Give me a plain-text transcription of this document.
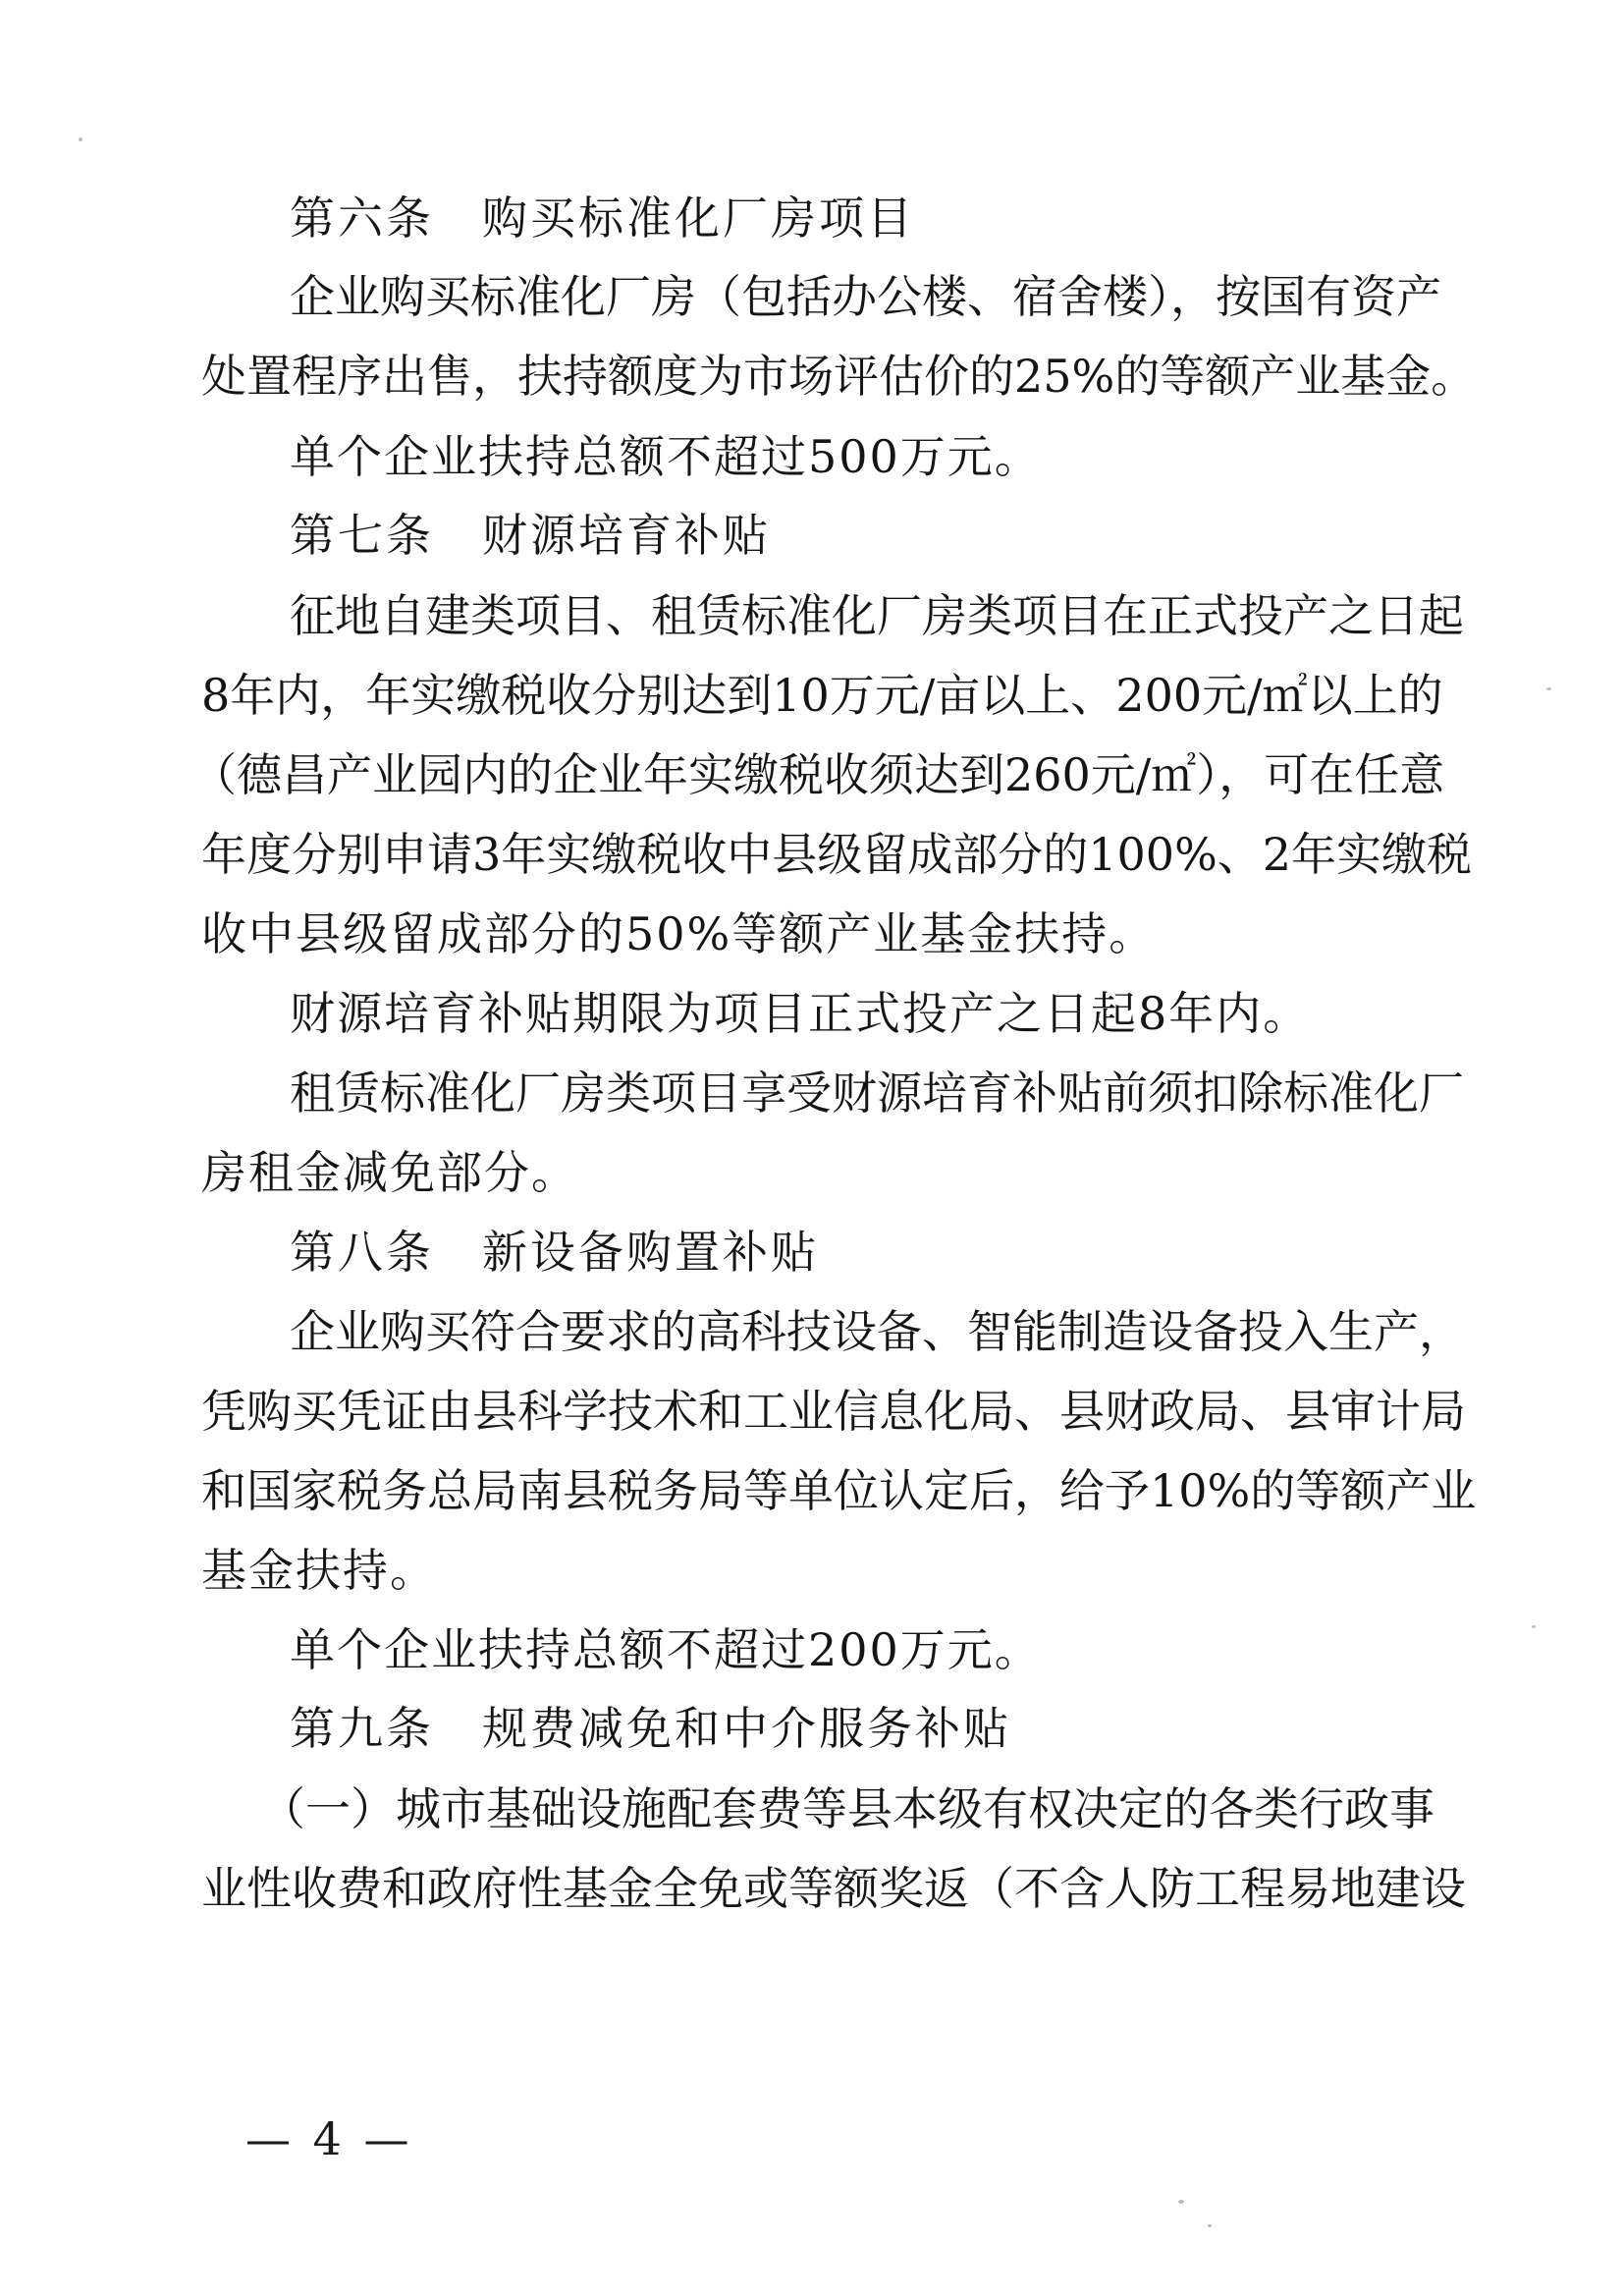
第六条　购买标准化厂房项目
企业购买标准化厂房（包括办公楼、宿舍楼），按国有资产
处置程序出售，扶持额度为市场评估价的25%的等额产业基金。
单个企业扶持总额不超过500万元。
第七条　财源培育补贴
征地自建类项目、租赁标准化厂房类项目在正式投产之日起
8年内，年实缴税收分别达到10万元/亩以上、200元/㎡以上的
（德昌产业园内的企业年实缴税收须达到260元/㎡），可在任意
年度分别申请3年实缴税收中县级留成部分的100%、2年实缴税
收中县级留成部分的50%等额产业基金扶持。
财源培育补贴期限为项目正式投产之日起8年内。
租赁标准化厂房类项目享受财源培育补贴前须扣除标准化厂
房租金减免部分。
第八条　新设备购置补贴
企业购买符合要求的高科技设备、智能制造设备投入生产，
凭购买凭证由县科学技术和工业信息化局、县财政局、县审计局
和国家税务总局南县税务局等单位认定后，给予10%的等额产业
基金扶持。
单个企业扶持总额不超过200万元。
第九条　规费减免和中介服务补贴
（一）城市基础设施配套费等县本级有权决定的各类行政事
业性收费和政府性基金全免或等额奖返（不含人防工程易地建设
— 4 —
